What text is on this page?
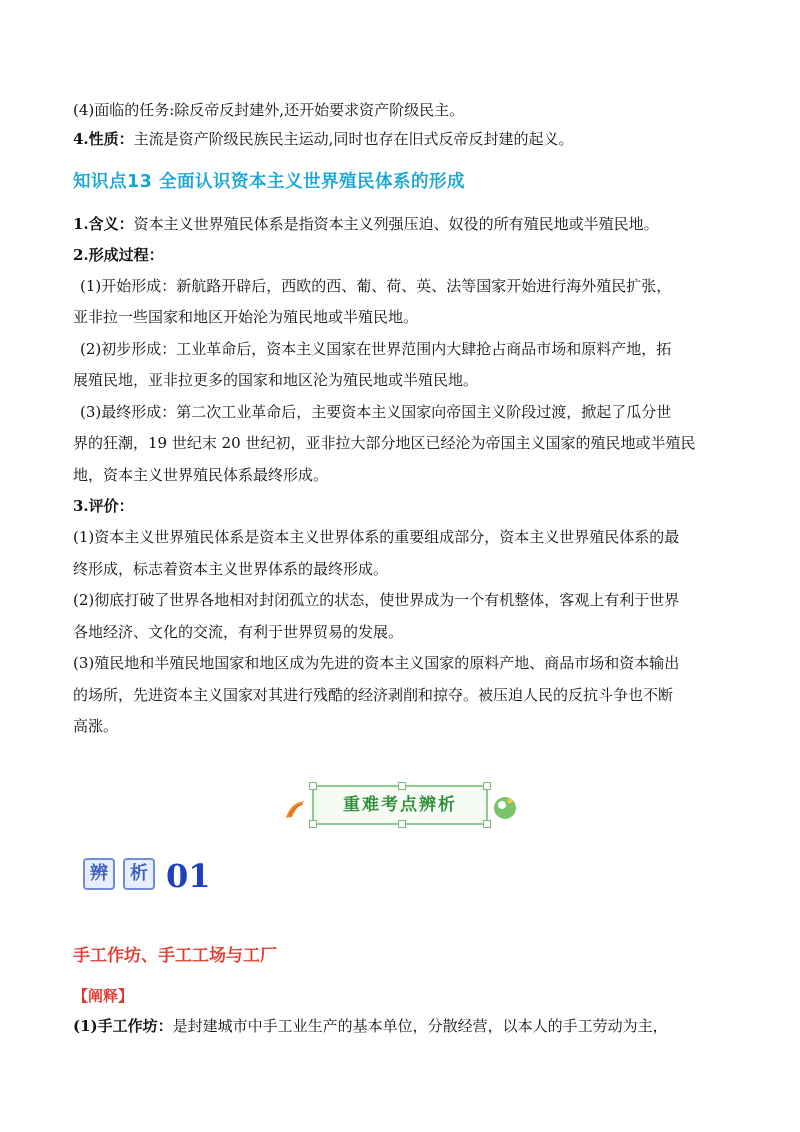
(4)面临的任务:除反帝反封建外,还开始要求资产阶级民主。
4.性质：主流是资产阶级民族民主运动,同时也存在旧式反帝反封建的起义。
知识点13 全面认识资本主义世界殖民体系的形成
1.含义：资本主义世界殖民体系是指资本主义列强压迫、奴役的所有殖民地或半殖民地。
2.形成过程：
(1)开始形成：新航路开辟后，西欧的西、葡、荷、英、法等国家开始进行海外殖民扩张，
亚非拉一些国家和地区开始沦为殖民地或半殖民地。
(2)初步形成：工业革命后，资本主义国家在世界范围内大肆抢占商品市场和原料产地，拓
展殖民地，亚非拉更多的国家和地区沦为殖民地或半殖民地。
(3)最终形成：第二次工业革命后，主要资本主义国家向帝国主义阶段过渡，掀起了瓜分世
界的狂潮，19 世纪末 20 世纪初，亚非拉大部分地区已经沦为帝国主义国家的殖民地或半殖民
地，资本主义世界殖民体系最终形成。
3.评价：
(1)资本主义世界殖民体系是资本主义世界体系的重要组成部分，资本主义世界殖民体系的最
终形成，标志着资本主义世界体系的最终形成。
(2)彻底打破了世界各地相对封闭孤立的状态，使世界成为一个有机整体，客观上有利于世界
各地经济、文化的交流，有利于世界贸易的发展。
(3)殖民地和半殖民地国家和地区成为先进的资本主义国家的原料产地、商品市场和资本输出
的场所，先进资本主义国家对其进行残酷的经济剥削和掠夺。被压迫人民的反抗斗争也不断
高涨。
重难考点辨析
辨	析 01
手工作坊、手工工场与工厂
【阐释】
(1)手工作坊：是封建城市中手工业生产的基本单位，分散经营，以本人的手工劳动为主，
